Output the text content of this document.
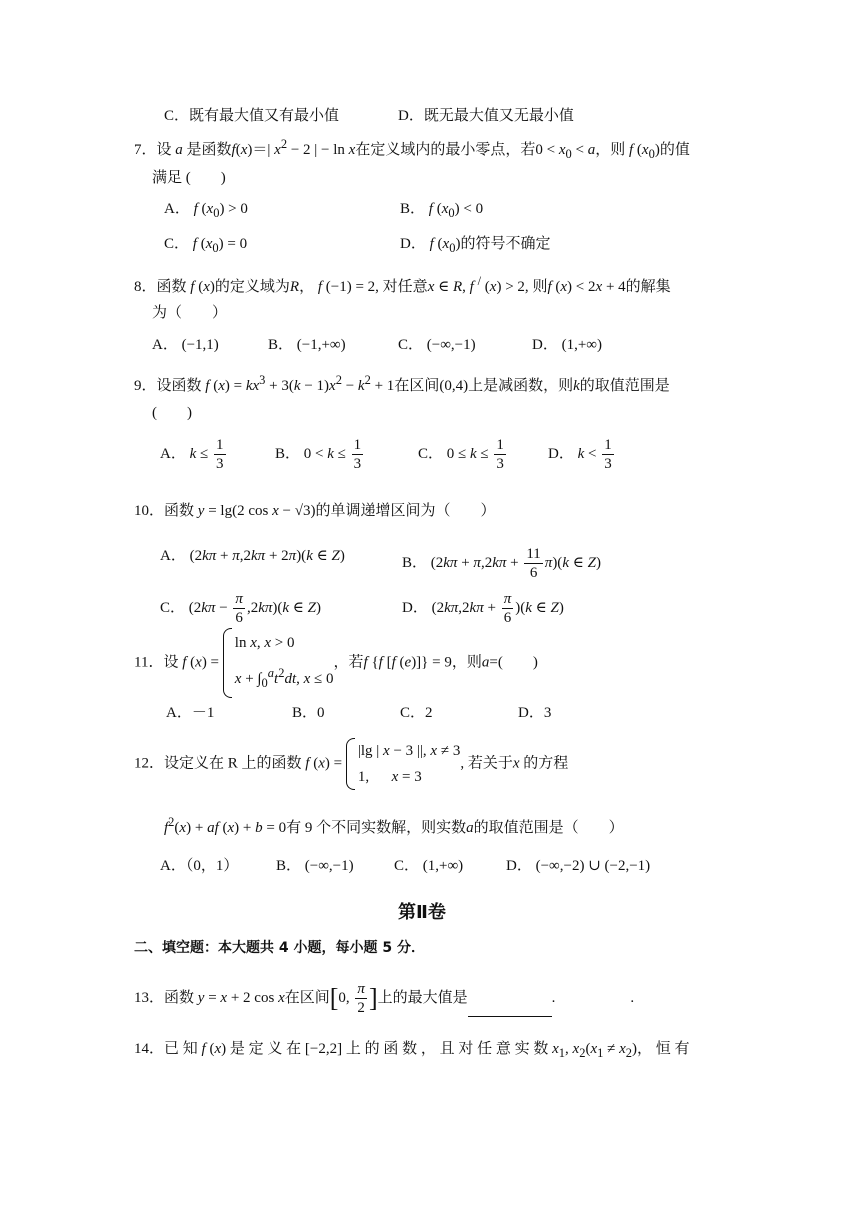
C．既有最大值又有最小值	D．既无最大值又无最小值
7．设 a 是函数f(x)＝| $x^2 - 2$ | − ln x在定义域内的最小零点，若$0 < x_0 < a$，则 f $(x_0)$的值
满足 (　　)
A． f $(x_0) > 0$	B． f $(x_0) < 0$
C． f $(x_0) = 0$	D． f $(x_0)$的符号不确定
8．函数 f (x)的定义域为R， f (−1) = 2, 对任意x ∈ R, f / (x) > 2, 则f (x) < 2x + 4的解集
为（　　）
A． (−1,1)	B． (−1,+∞)	C． (−∞,−1)	D． (1,+∞)
9．设函数 f $(x) = kx^3 + 3(k - 1)x^2 - k^2 + 1$在区间(0,4)上是减函数，则k的取值范围是
(　　)
A． $k \le \frac{1}{3}$	B． $0 < k \le \frac{1}{3}$	C． $0 \le k \le \frac{1}{3}$	D． $k < \frac{1}{3}$
10．函数 y = lg(2 cos x − √3)的单调递增区间为（　　）
A． (2kπ + π,2kπ + 2π)(k ∈ Z)	B． $(2k\pi + \pi,2k\pi + \frac{11}{6} \pi)(k$ ∈ Z)
C． $(2k\pi - \frac{\pi}{6} ,2k\pi)(k$ ∈ Z)	D． $(2k\pi,2k\pi + \frac{\pi}{6} )(k$ ∈ Z)
11．设 f (x) =
ln x, x > 0
$x + \int_0^at^2dt$, x ≤ 0
，若f {f [f (e)]} = 9，则a=(　　)
A．－1	B．0	C．2	D．3
12．设定义在 R 上的函数 f (x) =
|lg | x − 3 ||, x ≠ 3
1,      x = 3
, 若关于x 的方程
$f^2(x)$ + af (x) + b = 0有 9 个不同实数解，则实数a的取值范围是（　　）
A．（0，1）	B． (−∞,−1)	C． (1,+∞)	D． (−∞,−2) ∪ (−2,−1)
第Ⅱ卷
二、填空题：本大题共 4 小题，每小题 5 分．
13．函数 y = x + 2 cos x在区间[0, $\frac{\pi}{2}$ ]上的最大值是	.　　　　　.
14．已 知 f (x) 是 定 义 在 [−2,2] 上 的 函 数 ， 且 对 任 意 实 数 $x_1$, $x_2(x_1 \ne x_2)$， 恒 有
